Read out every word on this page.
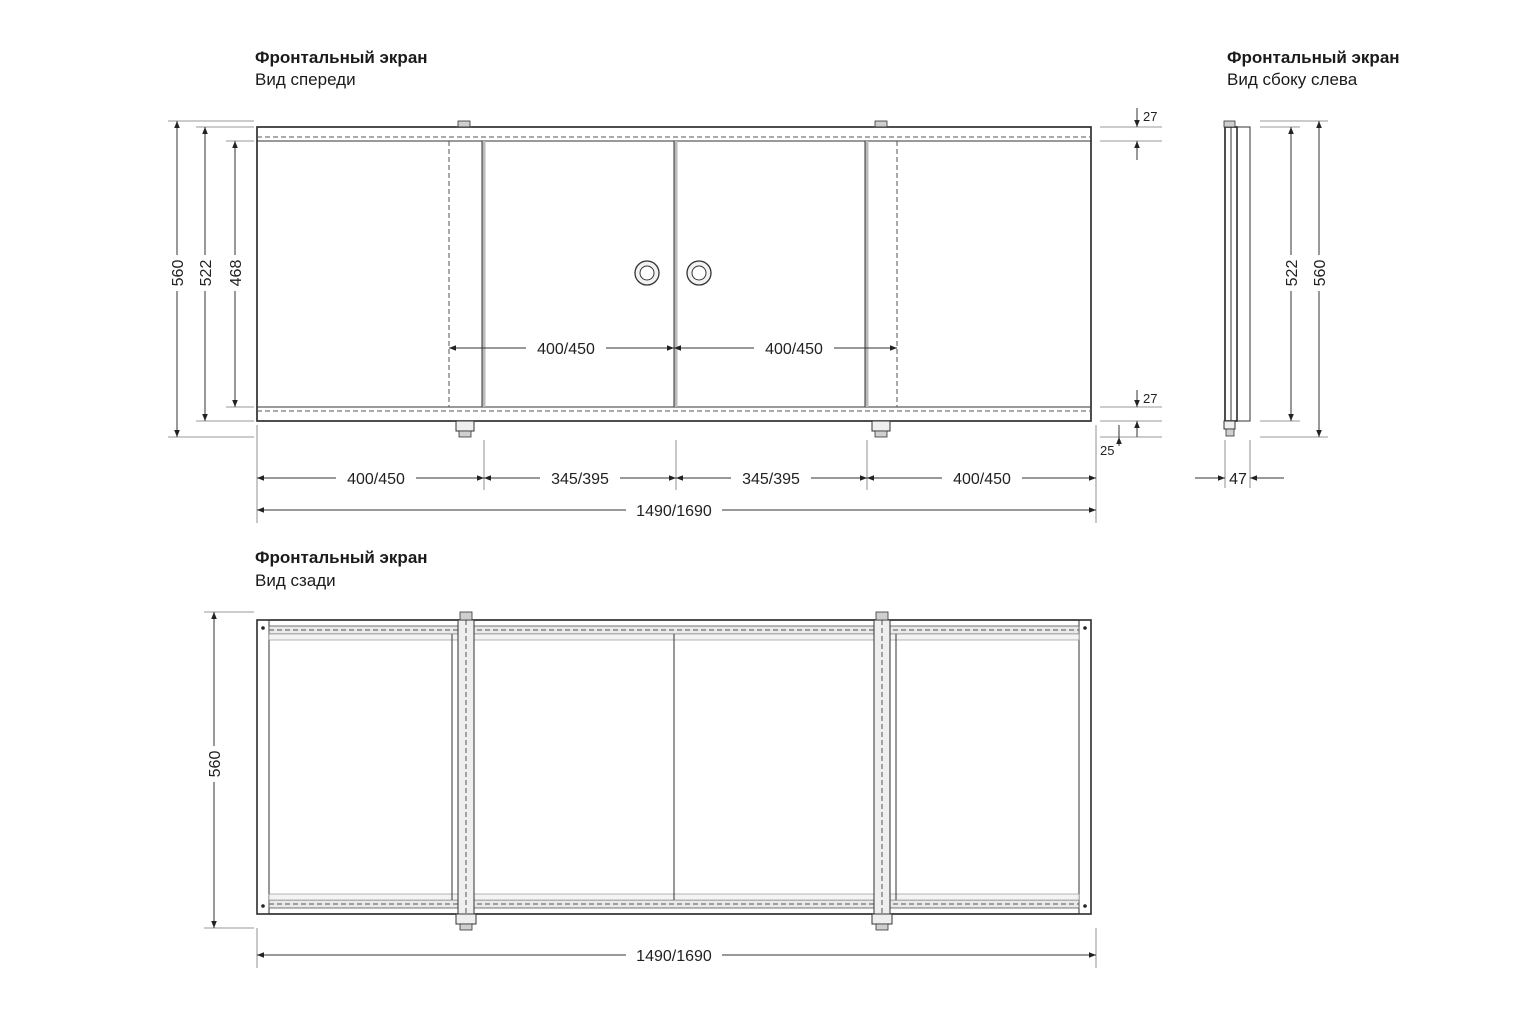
Фронтальный экран
Вид спереди
Фронтальный экран
Вид сбоку слева
Фронтальный экран
Вид сзади
400/450	400/450
560 522 468
27
27
25
400/450	345/395	345/395	400/450
1490/1690
522 560
47
560
1490/1690
